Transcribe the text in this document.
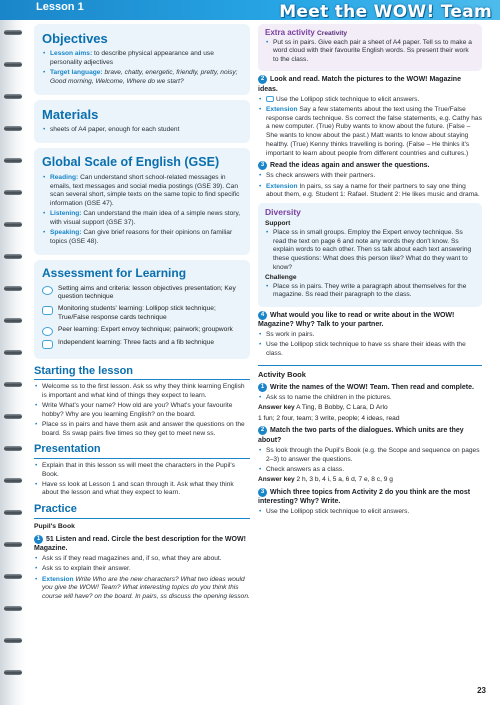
Lesson 1	Meet the WOW! Team
Objectives
• Lesson aims: to describe physical appearance and use personality adjectives
• Target language: brave, chatty, energetic, friendly, pretty, noisy; Good morning, Welcome, Where do we start?
Materials
• sheets of A4 paper, enough for each student
Global Scale of English (GSE)
• Reading: Can understand short school-related messages in emails, text messages and social media postings (GSE 39). Can scan several short, simple texts on the same topic to find specific information (GSE 47).
• Listening: Can understand the main idea of a simple news story, with visual support (GSE 37).
• Speaking: Can give brief reasons for their opinions on familiar topics (GSE 48).
Assessment for Learning
Setting aims and criteria: lesson objectives presentation; Key question technique
Monitoring students' learning: Lollipop stick technique; True/False response cards technique
Peer learning: Expert envoy technique; pairwork; groupwork
Independent learning: Three facts and a fib technique
Starting the lesson
• Welcome ss to the first lesson. Ask ss why they think learning English is important and what kind of things they expect to learn.
• Write What's your name? How old are you? What's your favourite hobby? Why are you learning English? on the board.
• Place ss in pairs and have them ask and answer the questions on the board. Ss swap pairs five times so they get to meet new ss.
Presentation
• Explain that in this lesson ss will meet the characters in the Pupil's Book.
• Have ss look at Lesson 1 and scan through it. Ask what they think about the lesson and what they expect to learn.
Practice
Pupil's Book
1 51 Listen and read. Circle the best description for the WOW! Magazine.
• Ask ss if they read magazines and, if so, what they are about.
• Ask ss to explain their answer.
• Extension Write Who are the new characters? What two ideas would you give the WOW! Team? What interesting topics do you think this course will have? on the board. In pairs, ss discuss the opening lesson.
Extra activity Creativity
• Put ss in pairs. Give each pair a sheet of A4 paper. Tell ss to make a word cloud with their favourite English words. Ss present their work to the class.
2 Look and read. Match the pictures to the WOW! Magazine ideas.
• Use the Lollipop stick technique to elicit answers.
• Extension Say a few statements about the text using the True/False response cards technique. Ss correct the false statements, e.g. Cathy has a new computer. (True) Ruby wants to know about the future. (False – She wants to know about the past.) Matt wants to know about staying healthy. (True) Kenny thinks travelling is boring. (False – He thinks it's important to learn about people from different countries and cultures.)
3 Read the ideas again and answer the questions.
• Ss check answers with their partners.
• Extension In pairs, ss say a name for their partners to say one thing about them, e.g. Student 1: Rafael. Student 2: He likes music and drama.
Diversity
Support
• Place ss in small groups. Employ the Expert envoy technique. Ss read the text on page 6 and note any words they don't know. Ss explain words to each other. Then ss talk about each text answering these questions: What does this person like? What do they want to know?
Challenge
• Place ss in pairs. They write a paragraph about themselves for the magazine. Ss read their paragraph to the class.
4 What would you like to read or write about in the WOW! Magazine? Why? Talk to your partner.
• Ss work in pairs.
• Use the Lollipop stick technique to have ss share their ideas with the class.
Activity Book
1 Write the names of the WOW! Team. Then read and complete.
• Ask ss to name the children in the pictures.
Answer key A Ting, B Bobby, C Lara, D Arlo
1 fun; 2 four, team; 3 write, people; 4 ideas, read
2 Match the two parts of the dialogues. Which units are they about?
• Ss look through the Pupil's Book (e.g. the Scope and sequence on pages 2–3) to answer the questions.
• Check answers as a class.
Answer key 2 h, 3 b, 4 i, 5 a, 6 d, 7 e, 8 c, 9 g
3 Which three topics from Activity 2 do you think are the most interesting? Why? Write.
• Use the Lollipop stick technique to elicit answers.
23
